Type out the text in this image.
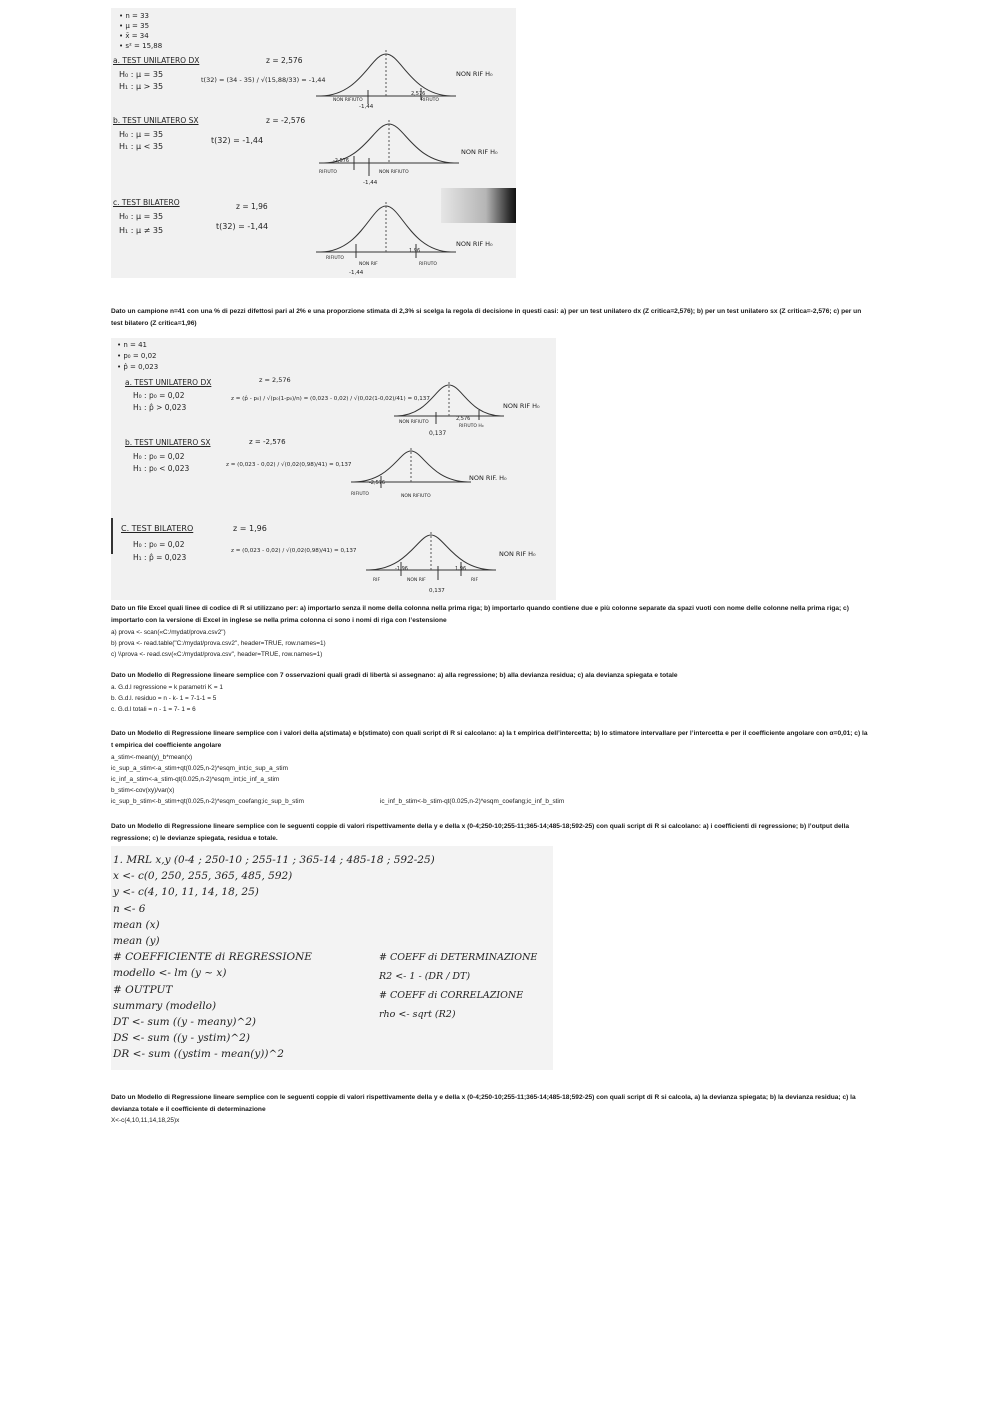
• n = 33
• μ = 35
• x̄ = 34
• s² = 15,88
a. TEST UNILATERO DX
H₀ : μ = 35
H₁ : μ > 35
z = 2,576
t(32) = (34 - 35) / √(15,88/33) = -1,44
NON RIF H₀
2,576
-1,44
NON RIFIUTO	RIFIUTO
b. TEST UNILATERO SX
H₀ : μ = 35
H₁ : μ < 35
z = -2,576
t(32) = -1,44
NON RIF H₀
-2,576
-1,44
RIFIUTO	NON RIFIUTO
c. TEST BILATERO
H₀ : μ = 35
H₁ : μ ≠ 35
z = 1,96
t(32) = -1,44
NON RIF H₀
1,96
-1,44
RIFIUTO
NON RIF	RIFIUTO
Dato un campione n=41 con una % di pezzi difettosi pari al 2% e una proporzione stimata di 2,3% si scelga la regola di decisione in questi casi: a) per un test unilatero dx (Z critica=2,576); b) per un test unilatero sx (Z critica=-2,576; c) per un test bilatero (Z critica=1,96)
• n = 41
• p₀ = 0,02
• p̂ = 0,023
a. TEST UNILATERO DX
H₀ : p₀ = 0,02
H₁ : p̂ > 0,023
z = 2,576
z = (p̂ - p₀) / √(p₀(1-p₀)/n) = (0,023 - 0,02) / √(0,02(1-0,02)/41) = 0,137
NON RIF H₀
0,137
2,576
NON RIFIUTO
RIFIUTO H₀
b. TEST UNILATERO SX
H₀ : p₀ = 0,02
H₁ : p₀ < 0,023
z = -2,576
z = (0,023 - 0,02) / √(0,02(0,98)/41) = 0,137
NON RIF. H₀
-2,576
RIFIUTO	NON RIFIUTO
C. TEST BILATERO
H₀ : p₀ = 0,02
H₁ : p̂ = 0,023
z = 1,96
z = (0,023 - 0,02) / √(0,02(0,98)/41) = 0,137	NON RIF H₀
-1,96	1,96
0,137
RIF	NON RIF	RIF
Dato un file Excel quali linee di codice di R si utilizzano per: a) importarlo senza il nome della colonna nella prima riga; b) importarlo quando contiene due e più colonne separate da spazi vuoti con nome delle colonne nella prima riga; c) importarlo con la versione di Excel in inglese se nella prima colonna ci sono i nomi di riga con l’estensione
a) prova <- scan(«C:/mydat/prova.csv2")
b) prova <- read.table("C:/mydat/prova.csv2", header=TRUE, row.names=1)
c) \\prova <- read.csv(«C:/mydat/prova.csv", header=TRUE, row.names=1)
Dato un Modello di Regressione lineare semplice con 7 osservazioni quali gradi di libertà si assegnano: a) alla regressione; b) alla devianza residua; c) ala devianza spiegata e totale
a. G.d.l regressione = k parametri K = 1
b. G.d.l. residuo = n - k- 1 = 7-1-1 = 5
c. G.d.l totali = n - 1 = 7- 1 = 6
Dato un Modello di Regressione lineare semplice con i valori della a(stimata) e b(stimato) con quali script di R si calcolano: a) la t empirica dell’intercetta; b) lo stimatore intervallare per l’intercetta e per il coefficiente angolare con α=0,01; c) la t empirica del coefficiente angolare
a_stim<-mean(y)_b*mean(x)
ic_sup_a_stim<-a_stim+qt(0.025,n-2)*esqm_int;ic_sup_a_stim
ic_inf_a_stim<-a_stim-qt(0.025,n-2)*esqm_int;ic_inf_a_stim
b_stim<-cov(xy)/var(x)
ic_sup_b_stim<-b_stim+qt(0.025,n-2)*esqm_coefang;ic_sup_b_stim	ic_inf_b_stim<-b_stim-qt(0.025,n-2)*esqm_coefang;ic_inf_b_stim
Dato un Modello di Regressione lineare semplice con le seguenti coppie di valori rispettivamente della y e della x (0-4;250-10;255-11;365-14;485-18;592-25) con quali script di R si calcolano: a) i coefficienti di regressione; b) l’output della regressione; c) le devianze spiegata, residua e totale.
1. MRL x,y (0-4 ; 250-10 ; 255-11 ; 365-14 ; 485-18 ; 592-25)
x <- c(0, 250, 255, 365, 485, 592)
y <- c(4, 10, 11, 14, 18, 25)
n <- 6
mean (x)
mean (y)
# COEFFICIENTE di REGRESSIONE
modello <- lm (y ~ x)
# OUTPUT
summary (modello)
DT <- sum ((y - meany)^2)
DS <- sum ((y - ystim)^2)
DR <- sum ((ystim - mean(y))^2
# COEFF di DETERMINAZIONE
R2 <- 1 - (DR / DT)
# COEFF di CORRELAZIONE
rho <- sqrt (R2)
Dato un Modello di Regressione lineare semplice con le seguenti coppie di valori rispettivamente della y e della x (0-4;250-10;255-11;365-14;485-18;592-25) con quali script di R si calcola, a) la devianza spiegata; b) la devianza residua; c) la devianza totale e il coefficiente di determinazione
X<-c(4,10,11,14,18,25)x
